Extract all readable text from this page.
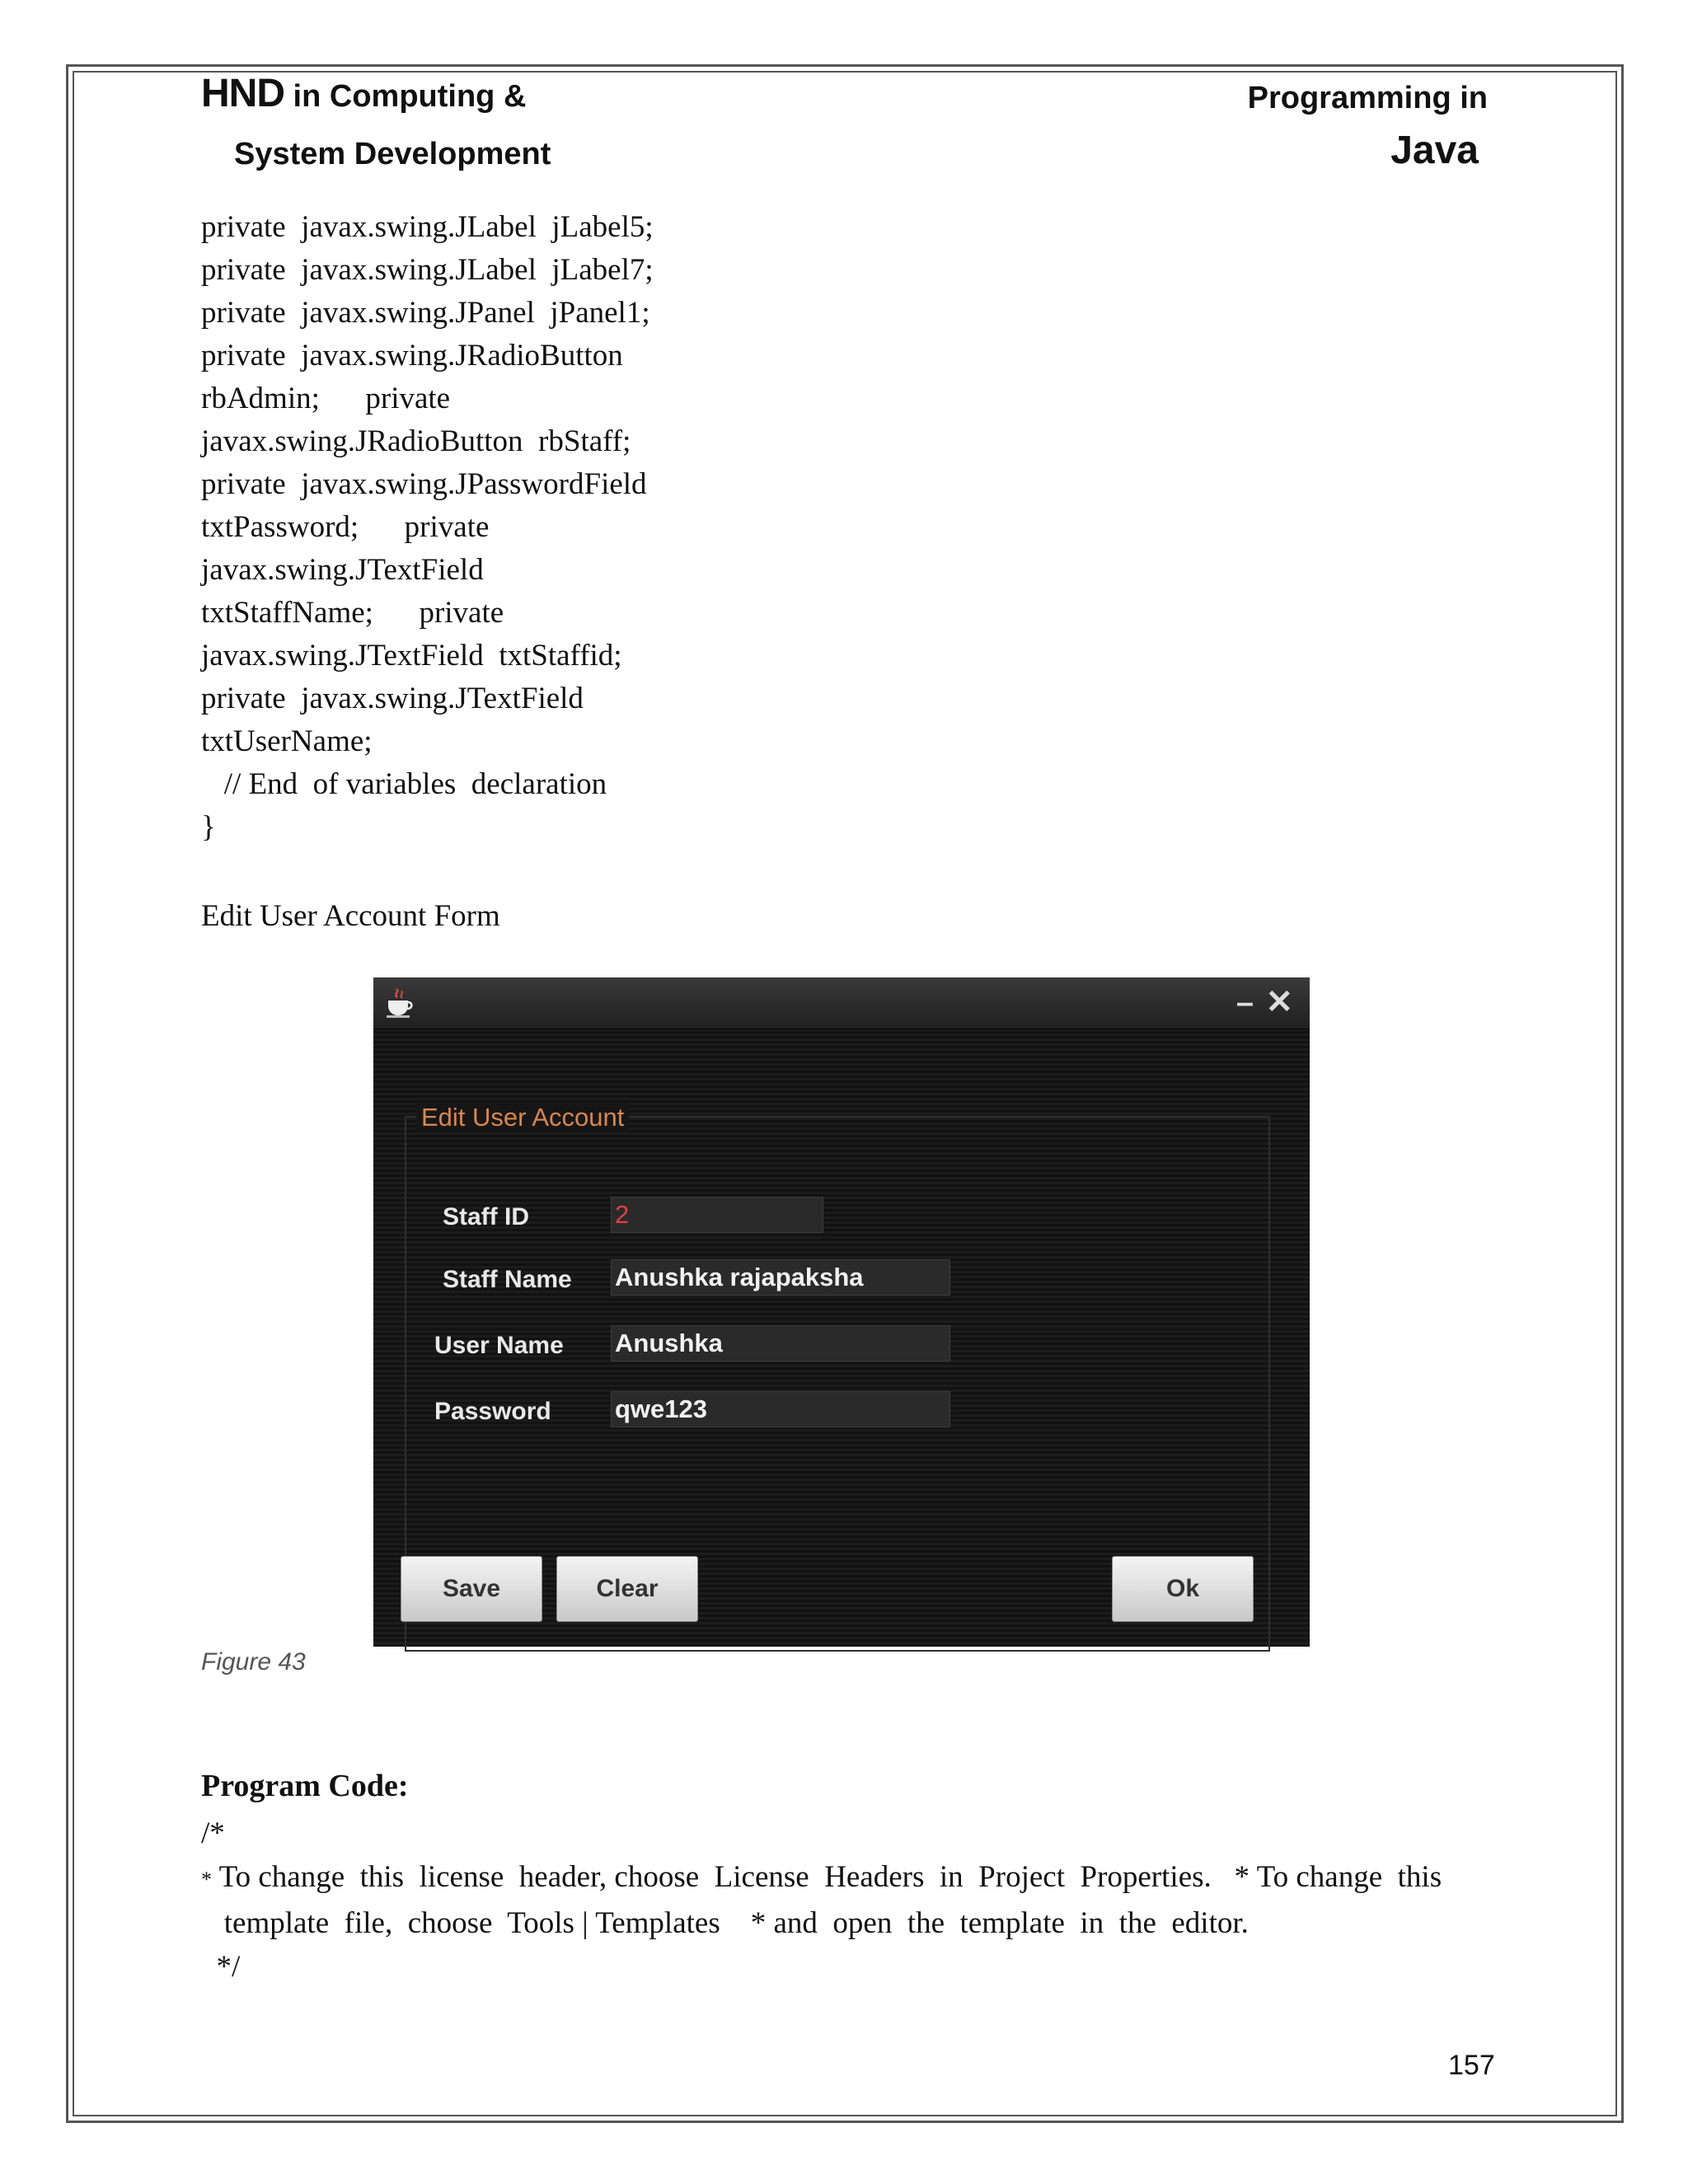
HND in Computing &
System Development
Programming in
Java
private  javax.swing.JLabel  jLabel5;
private  javax.swing.JLabel  jLabel7;
private  javax.swing.JPanel  jPanel1;
private  javax.swing.JRadioButton
rbAdmin;      private
javax.swing.JRadioButton  rbStaff;
private  javax.swing.JPasswordField
txtPassword;      private
javax.swing.JTextField
txtStaffName;      private
javax.swing.JTextField  txtStaffid;
private  javax.swing.JTextField
txtUserName;
// End  of variables  declaration
}
Edit User Account Form
– ✕
Edit User Account
Staff ID	2
Staff Name Anushka rajapaksha
User Name Anushka
Password qwe123
Save	Clear	Ok
Figure 43
Program Code:
/*
* To change  this  license  header, choose  License  Headers  in  Project  Properties.   * To change  this
template  file,  choose  Tools | Templates    * and  open  the  template  in  the  editor.
*/
157
